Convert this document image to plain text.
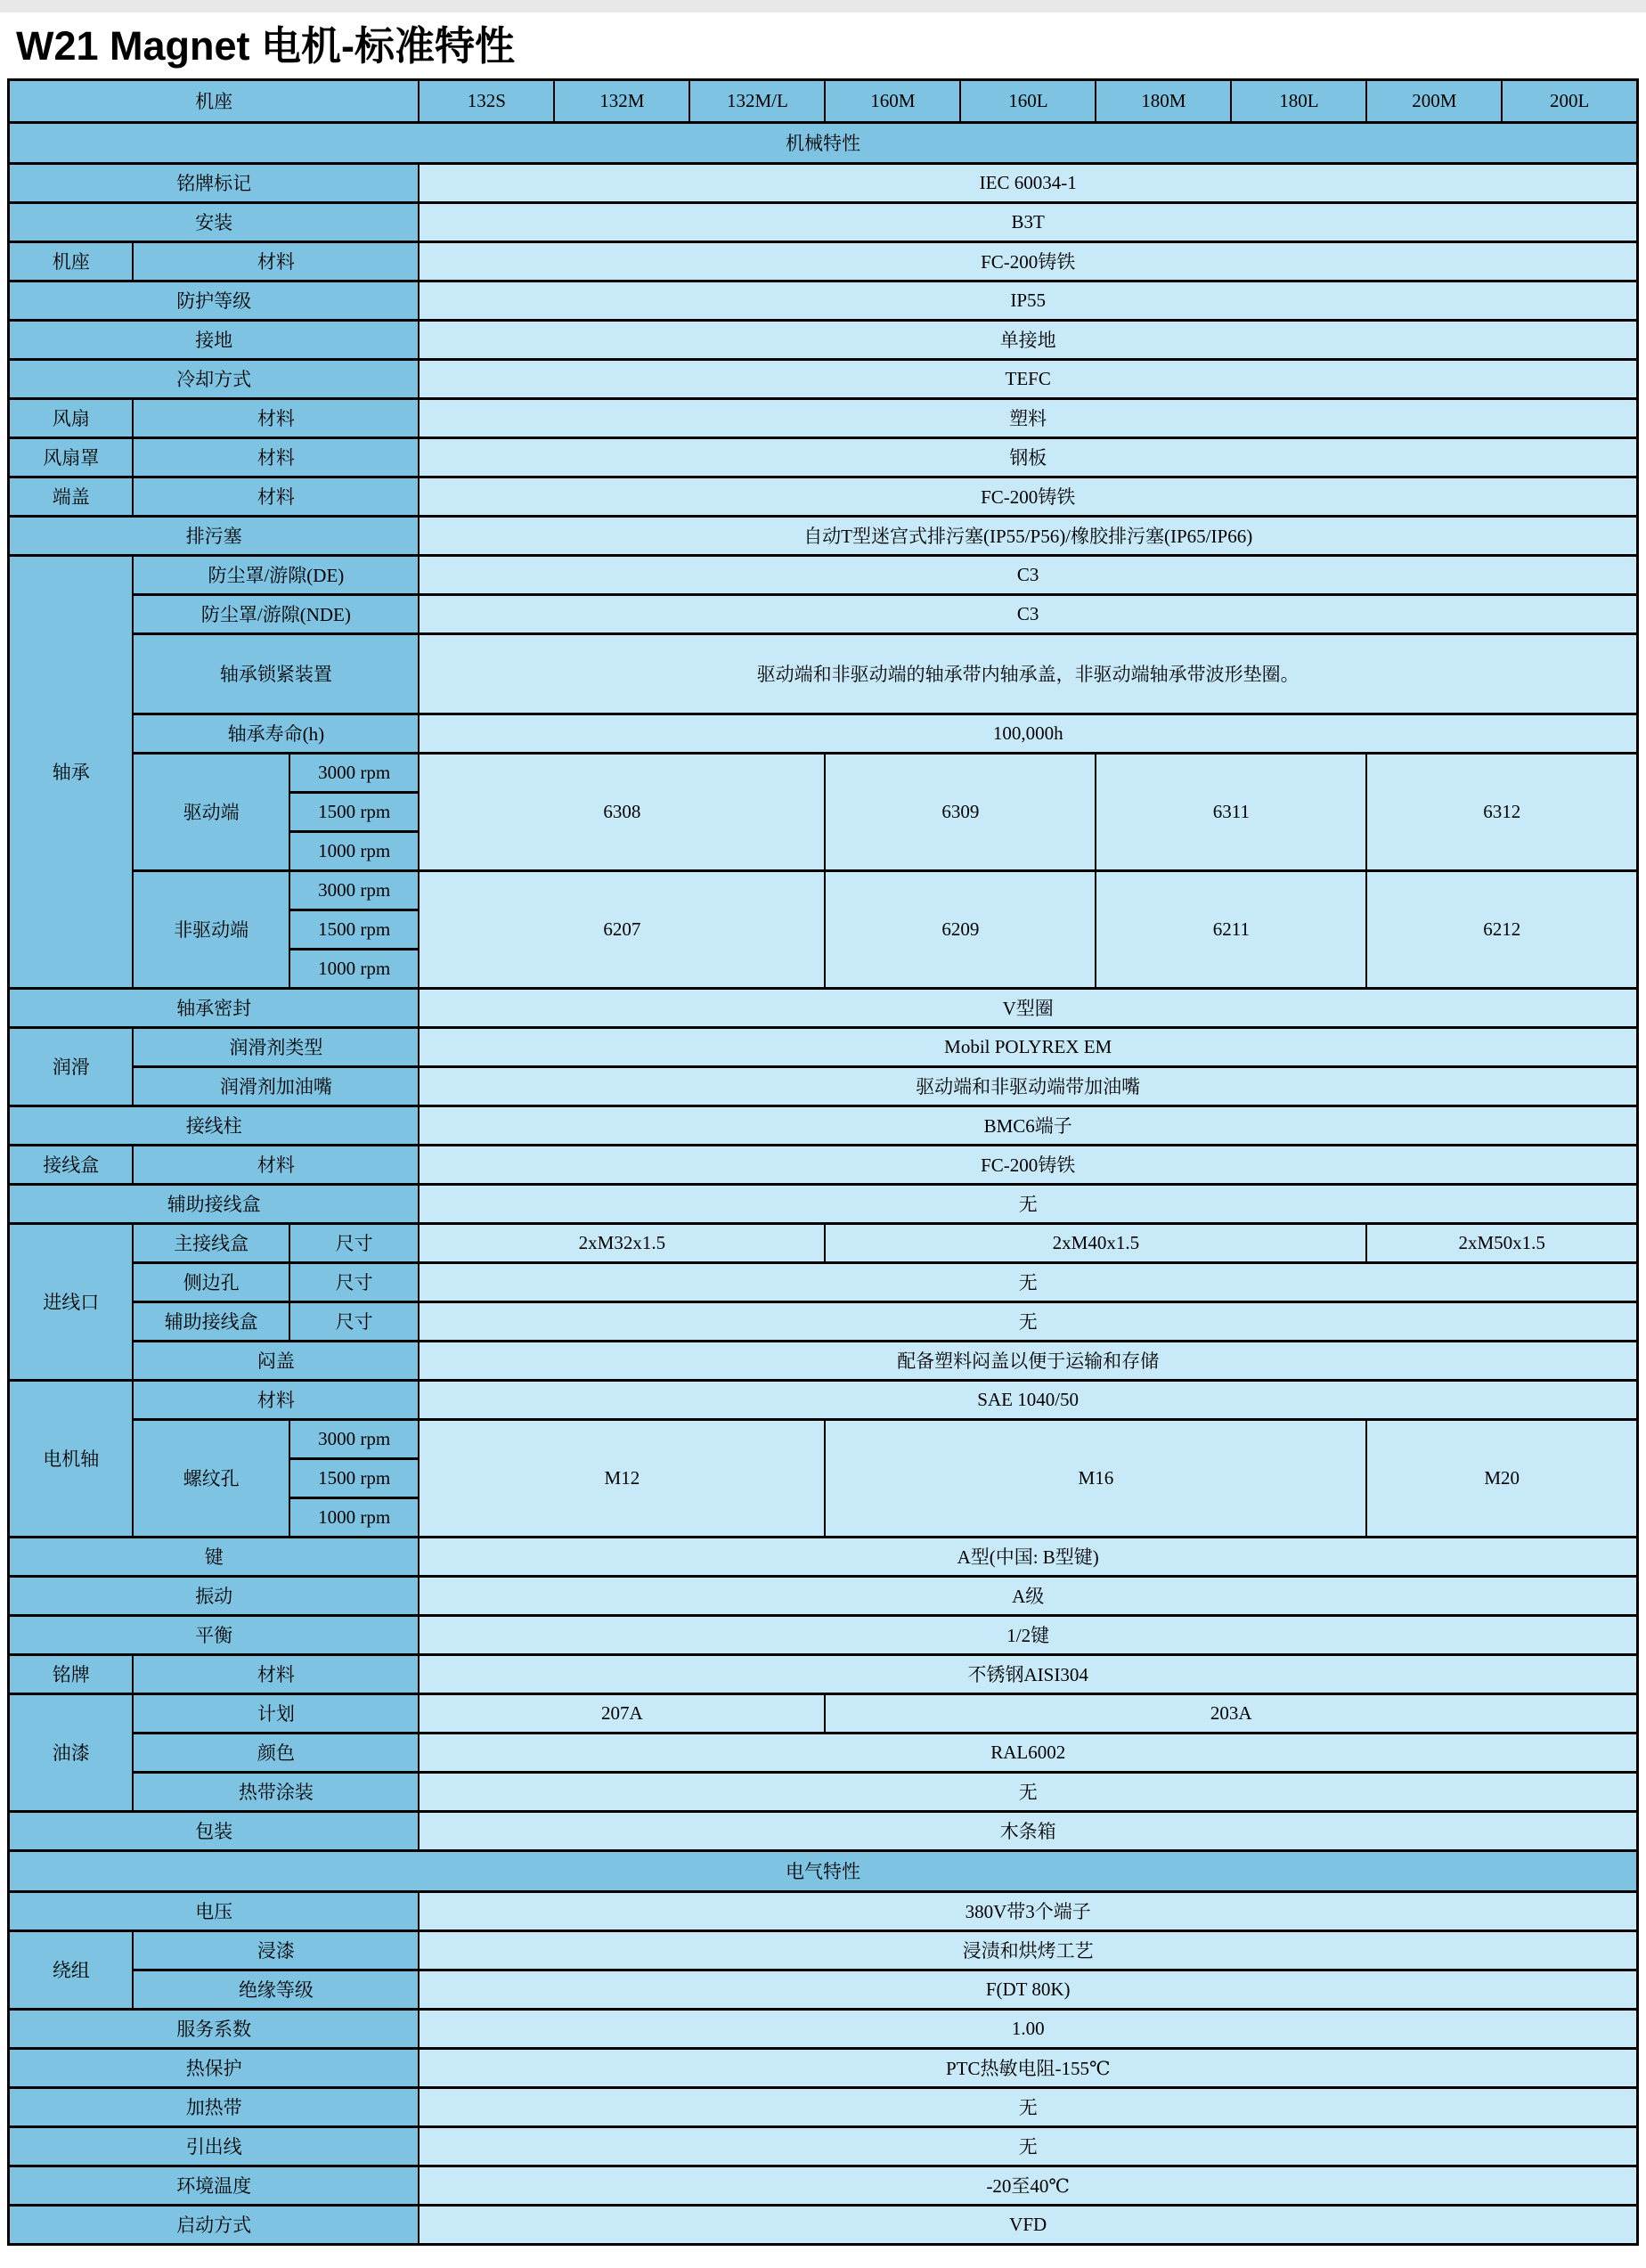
W21 Magnet 电机-标准特性
机座			132S	132M	132M/L	160M	160L	180M	180L	200M	200L
机械特性											
铭牌标记			IEC 60034-1								
安装			B3T								
机座	材料		FC-200铸铁								
防护等级			IP55								
接地			单接地								
冷却方式			TEFC								
风扇	材料		塑料								
风扇罩	材料		钢板								
端盖	材料		FC-200铸铁								
排污塞			自动T型迷宫式排污塞(IP55/P56)/橡胶排污塞(IP65/IP66)								
轴承	防尘罩/游隙(DE)		C3								
	防尘罩/游隙(NDE)		C3								
	轴承锁紧装置		驱动端和非驱动端的轴承带内轴承盖，非驱动端轴承带波形垫圈。								
	轴承寿命(h)		100,000h								
	驱动端	3000 rpm	6308			6309		6311		6312	
		1500 rpm									
		1000 rpm									
	非驱动端	3000 rpm	6207			6209		6211		6212	
		1500 rpm									
		1000 rpm									
轴承密封			V型圈								
润滑	润滑剂类型		Mobil POLYREX EM								
	润滑剂加油嘴		驱动端和非驱动端带加油嘴								
接线柱			BMC6端子								
接线盒	材料		FC-200铸铁								
辅助接线盒			无								
进线口	主接线盒	尺寸	2xM32x1.5			2xM40x1.5				2xM50x1.5	
	侧边孔	尺寸	无								
	辅助接线盒	尺寸	无								
	闷盖		配备塑料闷盖以便于运输和存储								
电机轴	材料		SAE 1040/50								
	螺纹孔	3000 rpm	M12			M16				M20	
		1500 rpm									
		1000 rpm									
键			A型(中国: B型键)								
振动			A级								
平衡			1/2键								
铭牌	材料		不锈钢AISI304								
油漆	计划		207A			203A					
	颜色		RAL6002								
	热带涂装		无								
包装			木条箱								
电气特性											
电压			380V带3个端子								
绕组	浸漆		浸渍和烘烤工艺								
	绝缘等级		F(DT 80K)								
服务系数			1.00								
热保护			PTC热敏电阻-155℃								
加热带			无								
引出线			无								
环境温度			-20至40℃								
启动方式			VFD								
